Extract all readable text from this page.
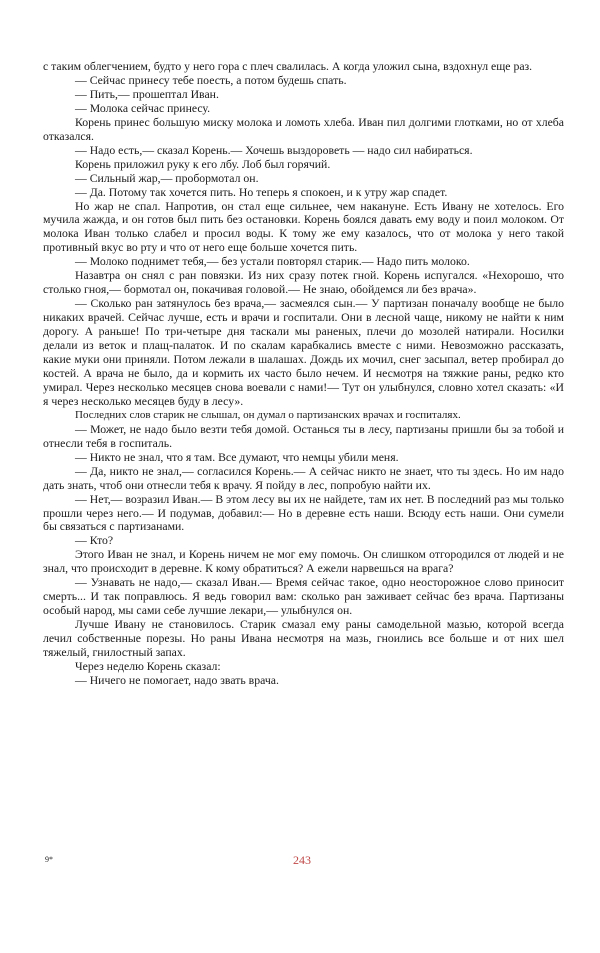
с таким облегчением, будто у него гора с плеч свалилась. А когда уложил сына, вздохнул еще раз.

— Сейчас принесу тебе поесть, а потом будешь спать.

— Пить,— прошептал Иван.

— Молока сейчас принесу.

Корень принес большую миску молока и ломоть хлеба. Иван пил долгими глотками, но от хлеба отказался.

— Надо есть,— сказал Корень.— Хочешь выздороветь — надо сил набираться.

Корень приложил руку к его лбу. Лоб был горячий.

— Сильный жар,— пробормотал он.

— Да. Потому так хочется пить. Но теперь я спокоен, и к утру жар спадет.

Но жар не спал. Напротив, он стал еще сильнее, чем накануне. Есть Ивану не хотелось. Его мучила жажда, и он готов был пить без остановки. Корень боялся давать ему воду и поил молоком. От молока Иван только слабел и просил воды. К тому же ему казалось, что от молока у него такой противный вкус во рту и что от него еще больше хочется пить.

— Молоко поднимет тебя,— без устали повторял старик.— Надо пить молоко.

Назавтра он снял с ран повязки. Из них сразу потек гной. Корень испугался. «Нехорошо, что столько гноя,— бормотал он, покачивая головой.— Не знаю, обойдемся ли без врача».

— Сколько ран затянулось без врача,— засмеялся сын.— У партизан поначалу вообще не было никаких врачей. Сейчас лучше, есть и врачи и госпитали. Они в лесной чаще, никому не найти к ним дорогу. А раньше! По три-четыре дня таскали мы раненых, плечи до мозолей натирали. Носилки делали из веток и плащ-палаток. И по скалам карабкались вместе с ними. Невозможно рассказать, какие муки они приняли. Потом лежали в шалашах. Дождь их мочил, снег засыпал, ветер пробирал до костей. А врача не было, да и кормить их часто было нечем. И несмотря на тяжкие раны, редко кто умирал. Через несколько месяцев снова воевали с нами!— Тут он улыбнулся, словно хотел сказать: «И я через несколько месяцев буду в лесу».

Последних слов старик не слышал, он думал о партизанских врачах и госпиталях.

— Может, не надо было везти тебя домой. Останься ты в лесу, партизаны пришли бы за тобой и отнесли тебя в госпиталь.

— Никто не знал, что я там. Все думают, что немцы убили меня.

— Да, никто не знал,— согласился Корень.— А сейчас никто не знает, что ты здесь. Но им надо дать знать, чтоб они отнесли тебя к врачу. Я пойду в лес, попробую найти их.

— Нет,— возразил Иван.— В этом лесу вы их не найдете, там их нет. В последний раз мы только прошли через него.— И подумав, добавил:— Но в деревне есть наши. Всюду есть наши. Они сумели бы связаться с партизанами.

— Кто?

Этого Иван не знал, и Корень ничем не мог ему помочь. Он слишком отгородился от людей и не знал, что происходит в деревне. К кому обратиться? А ежели нарвешься на врага?

— Узнавать не надо,— сказал Иван.— Время сейчас такое, одно неосторожное слово приносит смерть... И так поправлюсь. Я ведь говорил вам: сколько ран заживает сейчас без врача. Партизаны особый народ, мы сами себе лучшие лекари,— улыбнулся он.

Лучше Ивану не становилось. Старик смазал ему раны самодельной мазью, которой всегда лечил собственные порезы. Но раны Ивана несмотря на мазь, гноились все больше и от них шел тяжелый, гнилостный запах.

Через неделю Корень сказал:

— Ничего не помогает, надо звать врача.

9*	243
